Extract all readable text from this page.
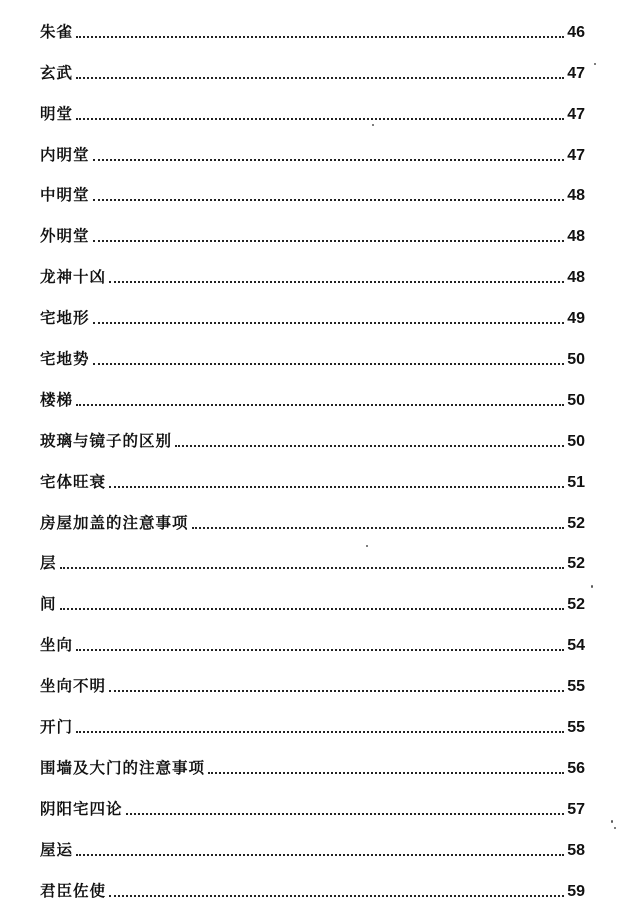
朱雀	46
玄武	47
明堂	47
内明堂	47
中明堂	48
外明堂	48
龙神十凶	48
宅地形	49
宅地势	50
楼梯	50
玻璃与镜子的区别	50
宅体旺衰	51
房屋加盖的注意事项	52
层	52
间	52
坐向	54
坐向不明	55
开门	55
围墙及大门的注意事项	56
阴阳宅四论	57
屋运	58
君臣佐使	59
